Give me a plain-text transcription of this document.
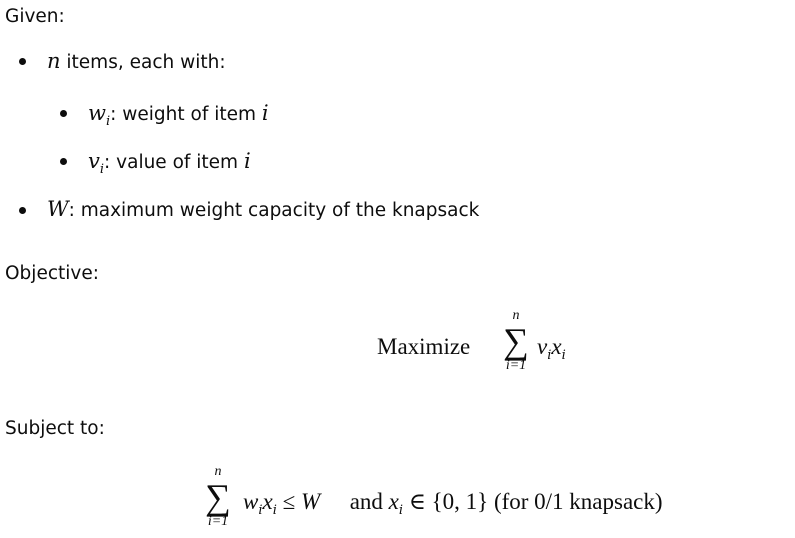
Given:
n items, each with:
$w_i$: weight of item i
$v_i$: value of item i
W: maximum weight capacity of the knapsack
Objective:
Maximize
n
∑
i=1
$v_ix_i$
Subject to:
n
∑
i=1
$w_ix_i \le W$ and $x_i$ ∈ {0, 1} (for 0/1 knapsack)
